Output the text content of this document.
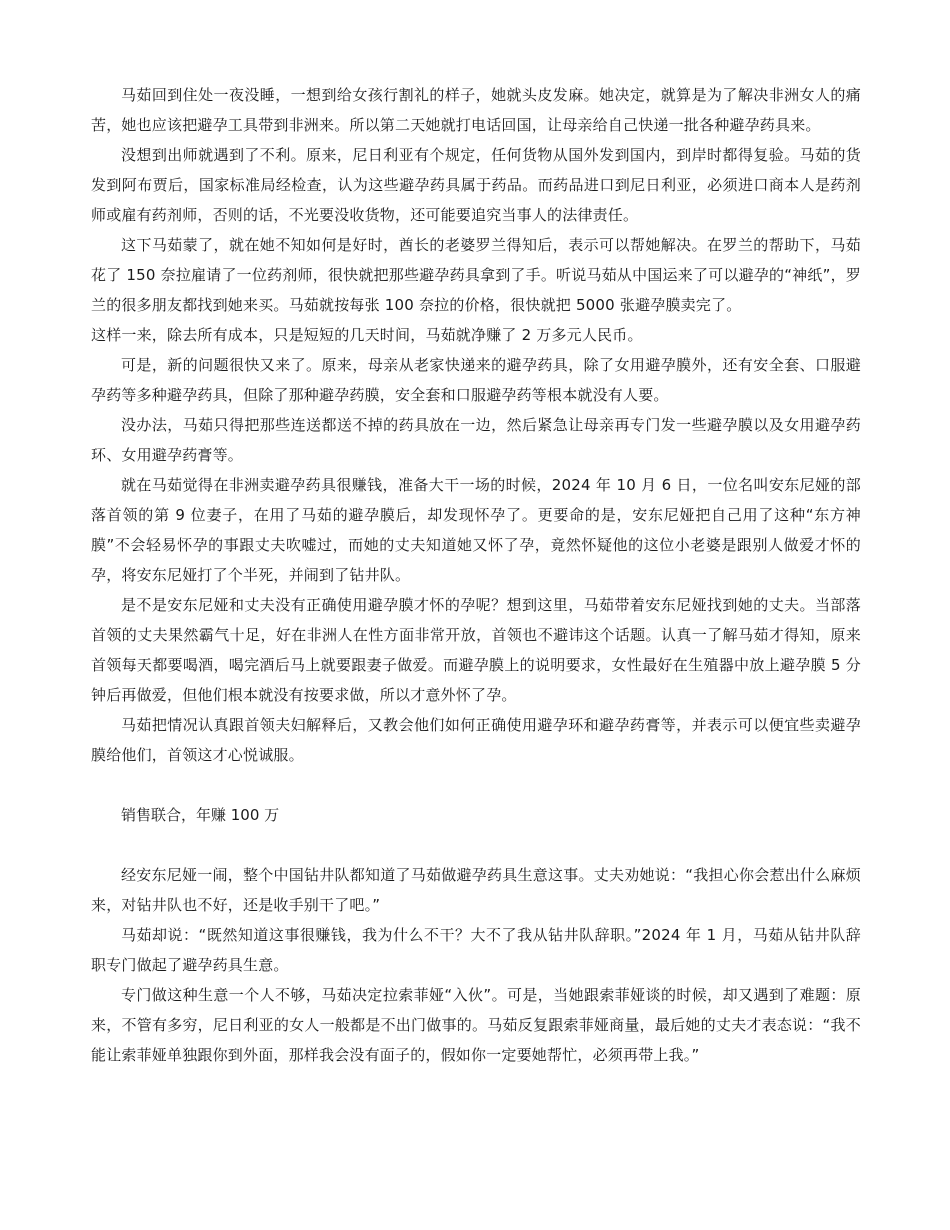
马茹回到住处一夜没睡，一想到给女孩行割礼的样子，她就头皮发麻。她决定，就算是为了解决非洲女人的痛苦，她也应该把避孕工具带到非洲来。所以第二天她就打电话回国，让母亲给自己快递一批各种避孕药具来。

没想到出师就遇到了不利。原来，尼日利亚有个规定，任何货物从国外发到国内，到岸时都得复验。马茹的货发到阿布贾后，国家标准局经检查，认为这些避孕药具属于药品。而药品进口到尼日利亚，必须进口商本人是药剂师或雇有药剂师，否则的话，不光要没收货物，还可能要追究当事人的法律责任。

这下马茹蒙了，就在她不知如何是好时，酋长的老婆罗兰得知后，表示可以帮她解决。在罗兰的帮助下，马茹花了 150 奈拉雇请了一位药剂师，很快就把那些避孕药具拿到了手。听说马茹从中国运来了可以避孕的“神纸”，罗兰的很多朋友都找到她来买。马茹就按每张 100 奈拉的价格，很快就把 5000 张避孕膜卖完了。

这样一来，除去所有成本，只是短短的几天时间，马茹就净赚了 2 万多元人民币。

可是，新的问题很快又来了。原来，母亲从老家快递来的避孕药具，除了女用避孕膜外，还有安全套、口服避孕药等多种避孕药具，但除了那种避孕药膜，安全套和口服避孕药等根本就没有人要。

没办法，马茹只得把那些连送都送不掉的药具放在一边，然后紧急让母亲再专门发一些避孕膜以及女用避孕药环、女用避孕药膏等。

就在马茹觉得在非洲卖避孕药具很赚钱，准备大干一场的时候，2024 年 10 月 6 日，一位名叫安东尼娅的部落首领的第 9 位妻子，在用了马茹的避孕膜后，却发现怀孕了。更要命的是，安东尼娅把自己用了这种“东方神膜”不会轻易怀孕的事跟丈夫吹嘘过，而她的丈夫知道她又怀了孕，竟然怀疑他的这位小老婆是跟别人做爱才怀的孕，将安东尼娅打了个半死，并闹到了钻井队。

是不是安东尼娅和丈夫没有正确使用避孕膜才怀的孕呢？想到这里，马茹带着安东尼娅找到她的丈夫。当部落首领的丈夫果然霸气十足，好在非洲人在性方面非常开放，首领也不避讳这个话题。认真一了解马茹才得知，原来首领每天都要喝酒，喝完酒后马上就要跟妻子做爱。而避孕膜上的说明要求，女性最好在生殖器中放上避孕膜 5 分钟后再做爱，但他们根本就没有按要求做，所以才意外怀了孕。

马茹把情况认真跟首领夫妇解释后，又教会他们如何正确使用避孕环和避孕药膏等，并表示可以便宜些卖避孕膜给他们，首领这才心悦诚服。

销售联合，年赚 100 万

经安东尼娅一闹，整个中国钻井队都知道了马茹做避孕药具生意这事。丈夫劝她说：“我担心你会惹出什么麻烦来，对钻井队也不好，还是收手别干了吧。”

马茹却说：“既然知道这事很赚钱，我为什么不干？大不了我从钻井队辞职。”2024 年 1 月，马茹从钻井队辞职专门做起了避孕药具生意。

专门做这种生意一个人不够，马茹决定拉索菲娅“入伙”。可是，当她跟索菲娅谈的时候，却又遇到了难题：原来，不管有多穷，尼日利亚的女人一般都是不出门做事的。马茹反复跟索菲娅商量，最后她的丈夫才表态说：“我不能让索菲娅单独跟你到外面，那样我会没有面子的，假如你一定要她帮忙，必须再带上我。”
